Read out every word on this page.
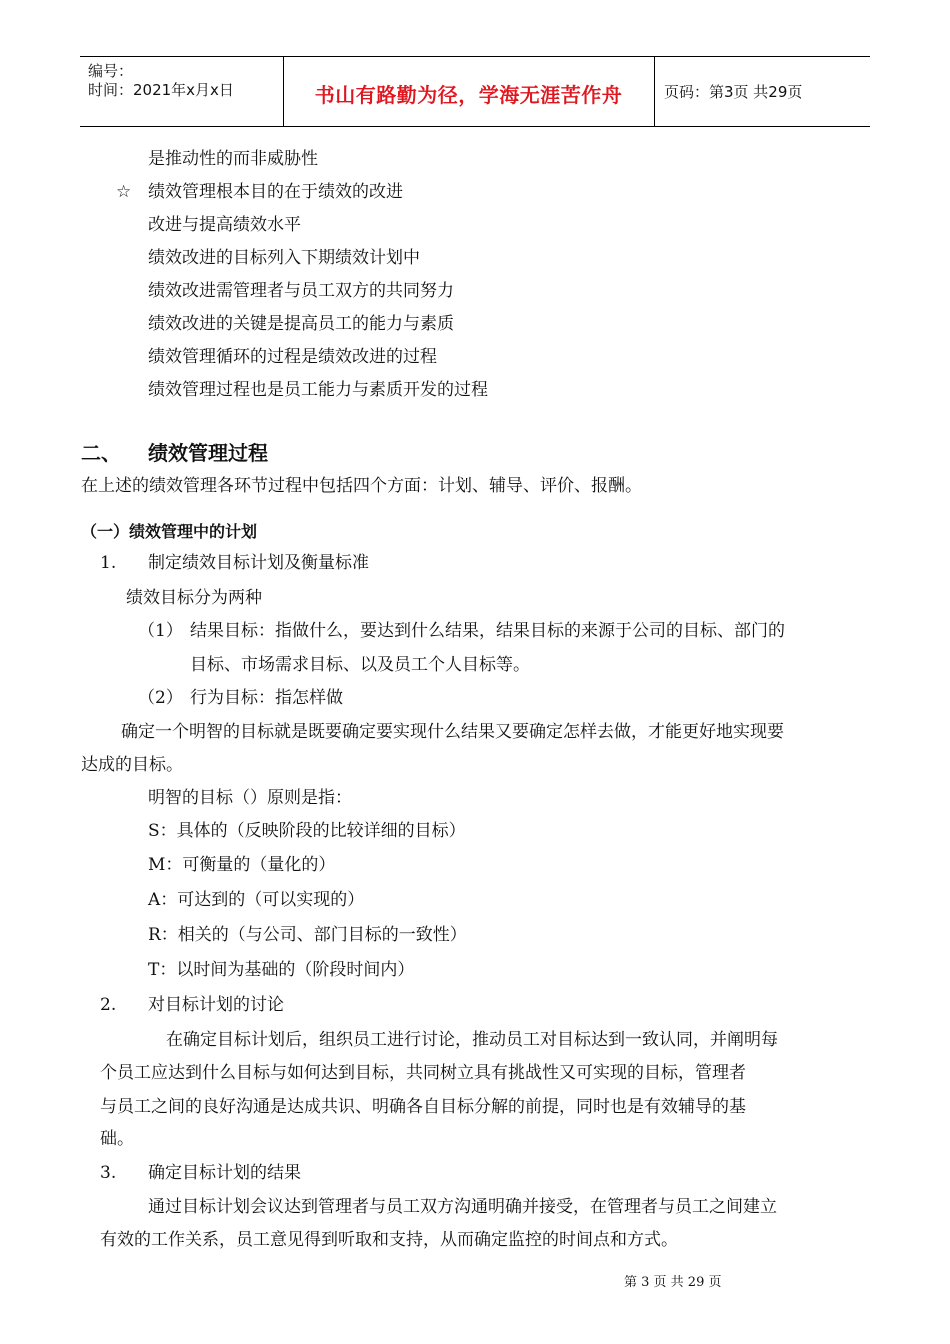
编号：
时间：2021年x月x日	书山有路勤为径，学海无涯苦作舟	页码：第3页 共29页
是推动性的而非威胁性
☆ 绩效管理根本目的在于绩效的改进
改进与提高绩效水平
绩效改进的目标列入下期绩效计划中
绩效改进需管理者与员工双方的共同努力
绩效改进的关键是提高员工的能力与素质
绩效管理循环的过程是绩效改进的过程
绩效管理过程也是员工能力与素质开发的过程
二、 绩效管理过程
在上述的绩效管理各环节过程中包括四个方面：计划、辅导、评价、报酬。
（一）绩效管理中的计划
1. 制定绩效目标计划及衡量标准
绩效目标分为两种
（1） 结果目标：指做什么，要达到什么结果，结果目标的来源于公司的目标、部门的
目标、市场需求目标、以及员工个人目标等。
（2） 行为目标：指怎样做
确定一个明智的目标就是既要确定要实现什么结果又要确定怎样去做，才能更好地实现要
达成的目标。
明智的目标（）原则是指：
S：具体的（反映阶段的比较详细的目标）
M：可衡量的（量化的）
A：可达到的（可以实现的）
R：相关的（与公司、部门目标的一致性）
T：以时间为基础的（阶段时间内）
2. 对目标计划的讨论
在确定目标计划后，组织员工进行讨论，推动员工对目标达到一致认同，并阐明每
个员工应达到什么目标与如何达到目标，共同树立具有挑战性又可实现的目标，管理者
与员工之间的良好沟通是达成共识、明确各自目标分解的前提，同时也是有效辅导的基
础。
3. 确定目标计划的结果
通过目标计划会议达到管理者与员工双方沟通明确并接受，在管理者与员工之间建立
有效的工作关系，员工意见得到听取和支持，从而确定监控的时间点和方式。
第 3 页 共 29 页
